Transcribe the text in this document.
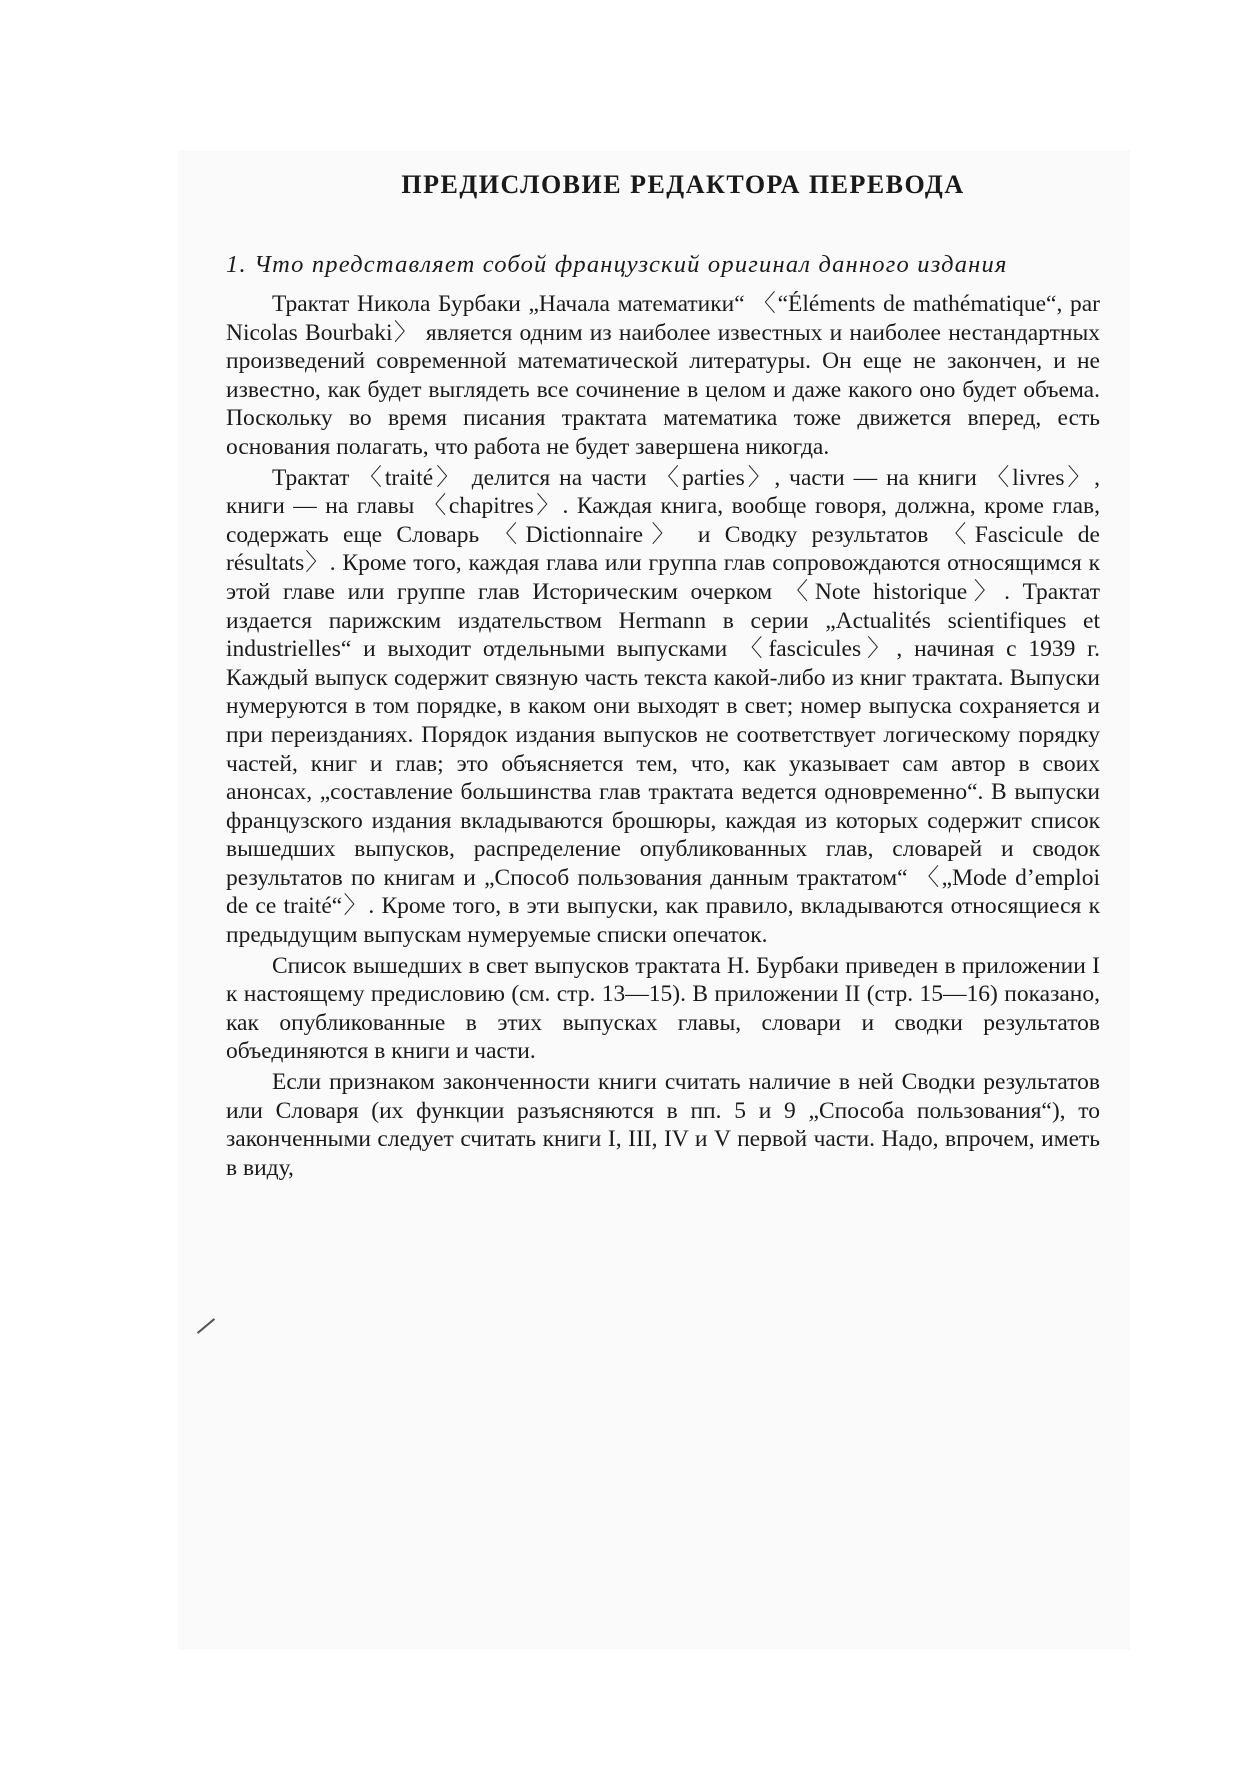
ПРЕДИСЛОВИЕ РЕДАКТОРА ПЕРЕВОДА

1. Что представляет собой французский оригинал данного издания

Трактат Никола Бурбаки „Начала математики“ 〈“Éléments de mathématique“, par Nicolas Bourbaki〉 является одним из наиболее известных и наиболее нестандартных произведений современной математической литературы. Он еще не закончен, и не известно, как будет выглядеть все сочинение в целом и даже какого оно будет объема. Поскольку во время писания трактата математика тоже движется вперед, есть основания полагать, что работа не будет завершена никогда.

Трактат 〈traité〉 делится на части 〈parties〉, части — на книги 〈livres〉, книги — на главы 〈chapitres〉. Каждая книга, вообще говоря, должна, кроме глав, содержать еще Словарь 〈Dictionnaire〉 и Сводку результатов 〈Fascicule de résultats〉. Кроме того, каждая глава или группа глав сопровождаются относящимся к этой главе или группе глав Историческим очерком 〈Note historique〉. Трактат издается парижским издательством Hermann в серии „Actualités scientifiques et industrielles“ и выходит отдельными выпусками 〈fascicules〉, начиная с 1939 г. Каждый выпуск содержит связную часть текста какой-либо из книг трактата. Выпуски нумеруются в том порядке, в каком они выходят в свет; номер выпуска сохраняется и при переизданиях. Порядок издания выпусков не соответствует логическому порядку частей, книг и глав; это объясняется тем, что, как указывает сам автор в своих анонсах, „составление большинства глав трактата ведется одновременно“. В выпуски французского издания вкладываются брошюры, каждая из которых содержит список вышедших выпусков, распределение опубликованных глав, словарей и сводок результатов по книгам и „Способ пользования данным трактатом“ 〈„Mode d’emploi de ce traité“〉. Кроме того, в эти выпуски, как правило, вкладываются относящиеся к предыдущим выпускам нумеруемые списки опечаток.

Список вышедших в свет выпусков трактата Н. Бурбаки приведен в приложении I к настоящему предисловию (см. стр. 13—15). В приложении II (стр. 15—16) показано, как опубликованные в этих выпусках главы, словари и сводки результатов объединяются в книги и части.

Если признаком законченности книги считать наличие в ней Сводки результатов или Словаря (их функции разъясняются в пп. 5 и 9 „Способа пользования“), то законченными следует считать книги I, III, IV и V первой части. Надо, впрочем, иметь в виду,
